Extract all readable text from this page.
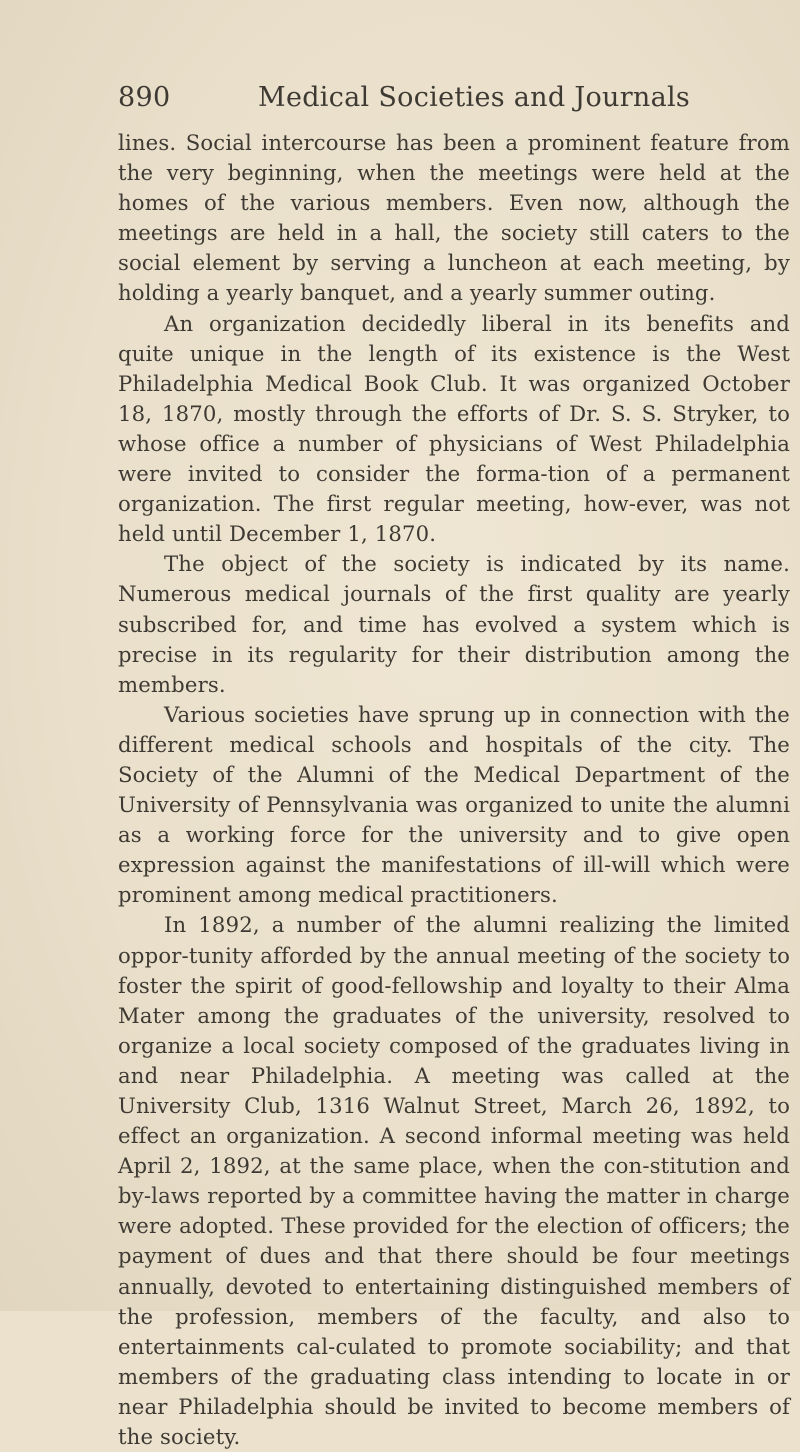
890	Medical Societies and Journals

lines. Social intercourse has been a prominent feature from the very beginning, when the meetings were held at the homes of the various members. Even now, although the meetings are held in a hall, the society still caters to the social element by serving a luncheon at each meeting, by holding a yearly banquet, and a yearly summer outing.

An organization decidedly liberal in its benefits and quite unique in the length of its existence is the West Philadelphia Medical Book Club. It was organized October 18, 1870, mostly through the efforts of Dr. S. S. Stryker, to whose office a number of physicians of West Philadelphia were invited to consider the forma-tion of a permanent organization. The first regular meeting, how-ever, was not held until December 1, 1870.

The object of the society is indicated by its name. Numerous medical journals of the first quality are yearly subscribed for, and time has evolved a system which is precise in its regularity for their distribution among the members.

Various societies have sprung up in connection with the different medical schools and hospitals of the city. The Society of the Alumni of the Medical Department of the University of Pennsylvania was organized to unite the alumni as a working force for the university and to give open expression against the manifestations of ill-will which were prominent among medical practitioners.

In 1892, a number of the alumni realizing the limited oppor-tunity afforded by the annual meeting of the society to foster the spirit of good-fellowship and loyalty to their Alma Mater among the graduates of the university, resolved to organize a local society composed of the graduates living in and near Philadelphia. A meeting was called at the University Club, 1316 Walnut Street, March 26, 1892, to effect an organization. A second informal meeting was held April 2, 1892, at the same place, when the con-stitution and by-laws reported by a committee having the matter in charge were adopted. These provided for the election of officers; the payment of dues and that there should be four meetings annually, devoted to entertaining distinguished members of the profession, members of the faculty, and also to entertainments cal-culated to promote sociability; and that members of the graduating class intending to locate in or near Philadelphia should be invited to become members of the society.
